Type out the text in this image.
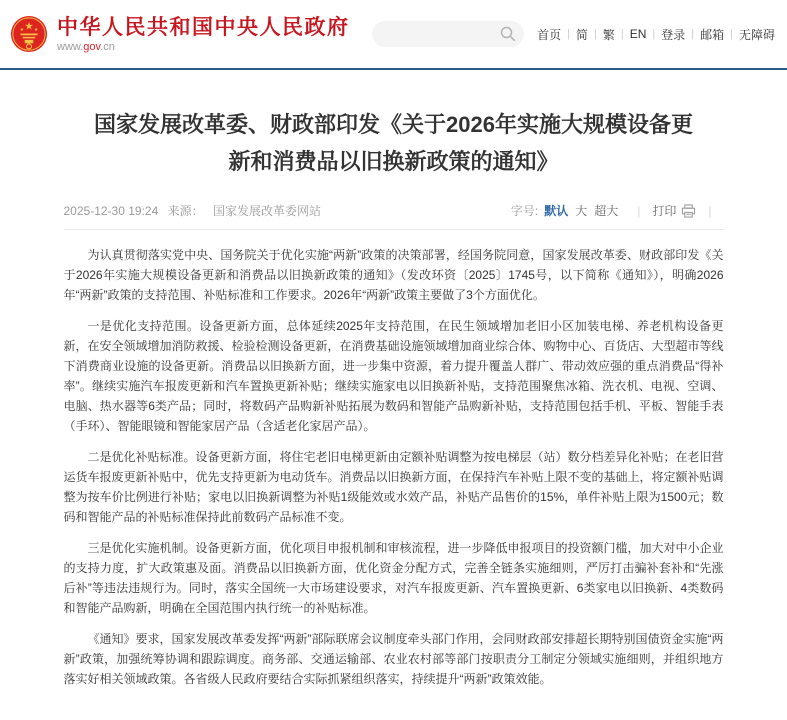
★
★ ★ 中华人民共和国中央人民政府
www.gov.cn
首页 | 简 | 繁 | EN | 登录 | 邮箱 | 无障碍
国家发展改革委、财政部印发《关于2026年实施大规模设备更新和消费品以旧换新政策的通知》
2025-12-30 19:24 来源： 国家发展改革委网站	字号: 默认 大 超大 | 打印	|

为认真贯彻落实党中央、国务院关于优化实施“两新”政策的决策部署，经国务院同意，国家发展改革委、财政部印发《关于2026年实施大规模设备更新和消费品以旧换新政策的通知》（发改环资〔2025〕1745号，以下简称《通知》），明确2026年“两新”政策的支持范围、补贴标准和工作要求。2026年“两新”政策主要做了3个方面优化。

一是优化支持范围。设备更新方面，总体延续2025年支持范围，在民生领域增加老旧小区加装电梯、养老机构设备更新，在安全领域增加消防救援、检验检测设备更新，在消费基础设施领域增加商业综合体、购物中心、百货店、大型超市等线下消费商业设施的设备更新。消费品以旧换新方面，进一步集中资源，着力提升覆盖人群广、带动效应强的重点消费品“得补率”。继续实施汽车报废更新和汽车置换更新补贴；继续实施家电以旧换新补贴，支持范围聚焦冰箱、洗衣机、电视、空调、电脑、热水器等6类产品；同时，将数码产品购新补贴拓展为数码和智能产品购新补贴，支持范围包括手机、平板、智能手表（手环）、智能眼镜和智能家居产品（含适老化家居产品）。

二是优化补贴标准。设备更新方面，将住宅老旧电梯更新由定额补贴调整为按电梯层（站）数分档差异化补贴；在老旧营运货车报废更新补贴中，优先支持更新为电动货车。消费品以旧换新方面，在保持汽车补贴上限不变的基础上，将定额补贴调整为按车价比例进行补贴；家电以旧换新调整为补贴1级能效或水效产品，补贴产品售价的15%，单件补贴上限为1500元；数码和智能产品的补贴标准保持此前数码产品标准不变。

三是优化实施机制。设备更新方面，优化项目申报机制和审核流程，进一步降低申报项目的投资额门槛，加大对中小企业的支持力度，扩大政策惠及面。消费品以旧换新方面，优化资金分配方式，完善全链条实施细则，严厉打击骗补套补和“先涨后补”等违法违规行为。同时，落实全国统一大市场建设要求，对汽车报废更新、汽车置换更新、6类家电以旧换新、4类数码和智能产品购新，明确在全国范围内执行统一的补贴标准。

《通知》要求，国家发展改革委发挥“两新”部际联席会议制度牵头部门作用，会同财政部安排超长期特别国债资金实施“两新”政策，加强统筹协调和跟踪调度。商务部、交通运输部、农业农村部等部门按职责分工制定分领域实施细则，并组织地方落实好相关领域政策。各省级人民政府要结合实际抓紧组织落实，持续提升“两新”政策效能。
